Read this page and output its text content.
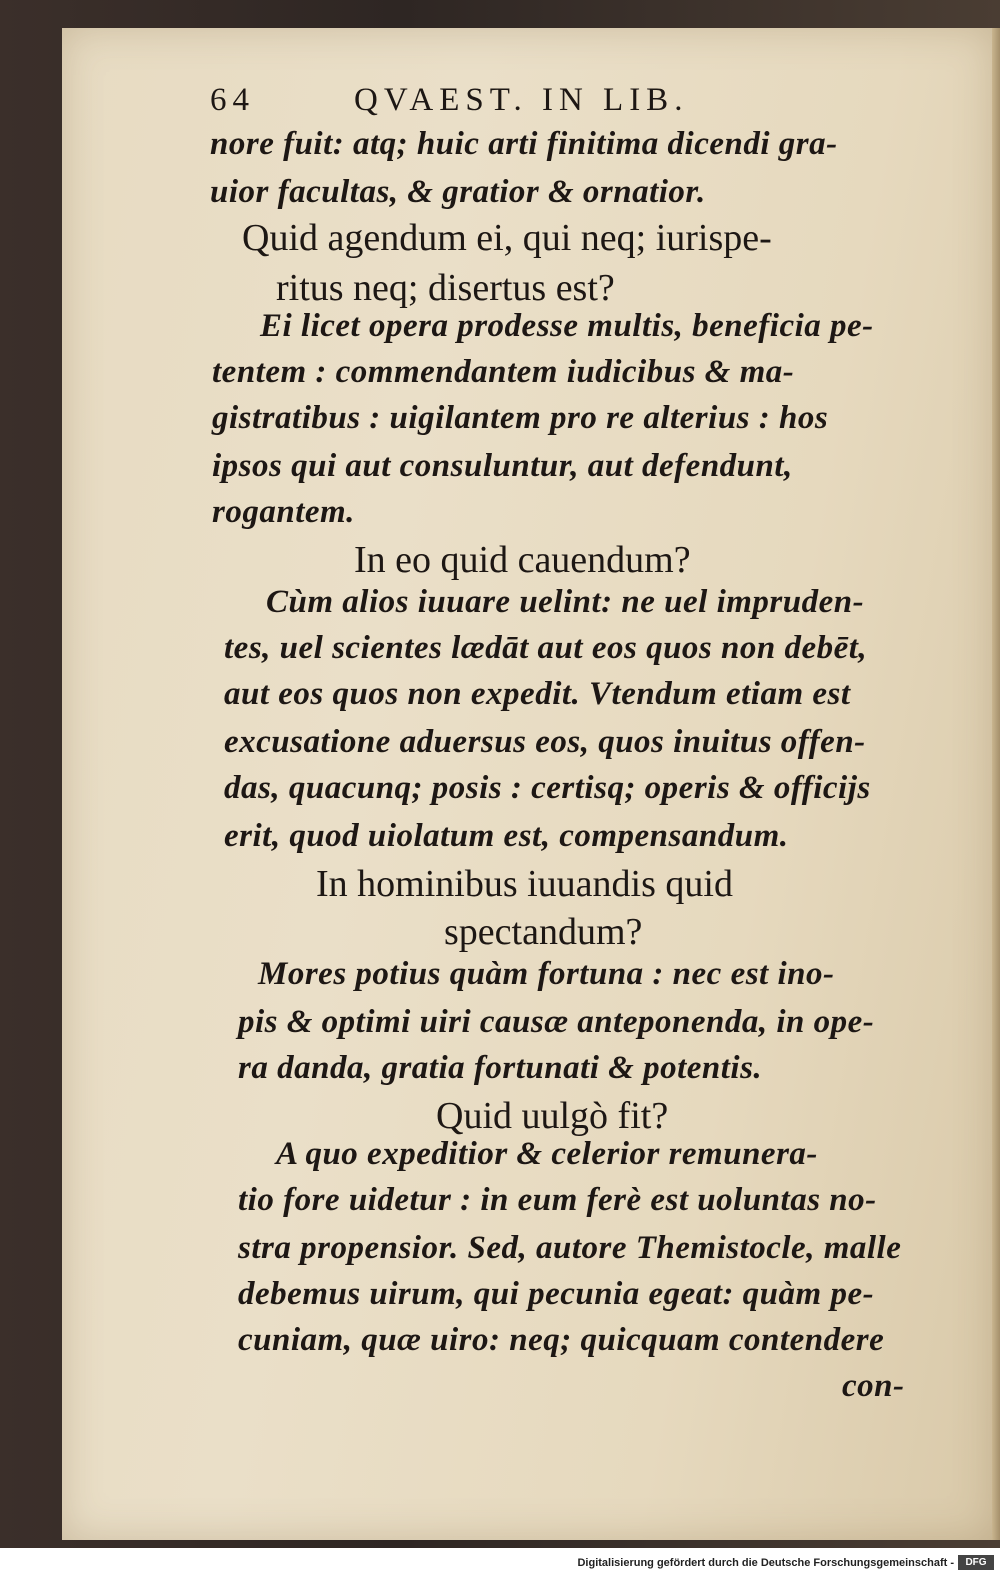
64	QVAEST. IN LIB.
nore fuit: atq; huic arti finitima dicendi gra-
uior facultas, & gratior & ornatior.
Quid agendum ei, qui neq; iurispe-
ritus neq; disertus est?
Ei licet opera prodesse multis, beneficia pe-
tentem : commendantem iudicibus & ma-
gistratibus : uigilantem pro re alterius : hos
ipsos qui aut consuluntur, aut defendunt,
rogantem.
In eo quid cauendum?
Cùm alios iuuare uelint: ne uel impruden-
tes, uel scientes lædāt aut eos quos non debēt,
aut eos quos non expedit. Vtendum etiam est
excusatione aduersus eos, quos inuitus offen-
das, quacunq; posis : certisq; operis & officijs
erit, quod uiolatum est, compensandum.
In hominibus iuuandis quid
spectandum?
Mores potius quàm fortuna : nec est ino-
pis & optimi uiri causæ anteponenda, in ope-
ra danda, gratia fortunati & potentis.
Quid uulgò fit?
A quo expeditior & celerior remunera-
tio fore uidetur : in eum ferè est uoluntas no-
stra propensior. Sed, autore Themistocle, malle
debemus uirum, qui pecunia egeat: quàm pe-
cuniam, quæ uiro: neq; quicquam contendere
con-
Digitalisierung gefördert durch die Deutsche Forschungsgemeinschaft -	DFG
